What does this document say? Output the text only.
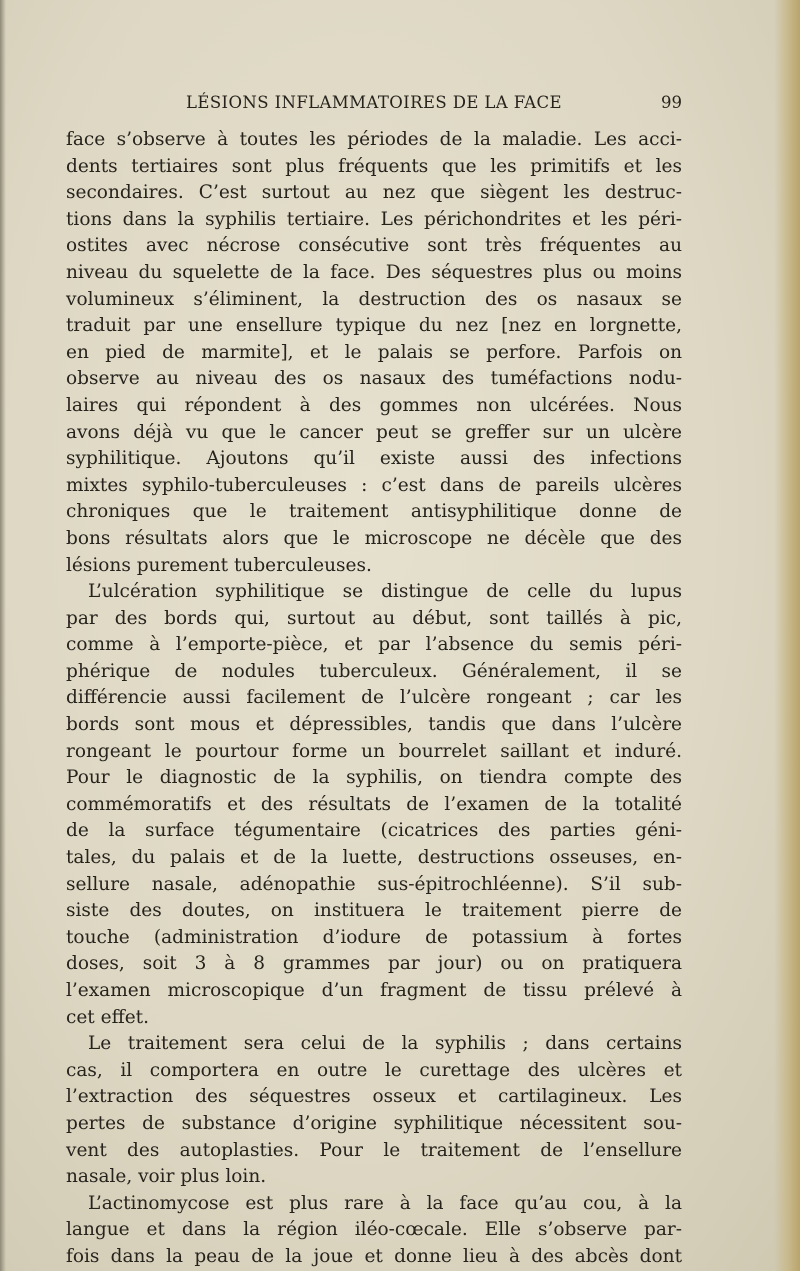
LÉSIONS INFLAMMATOIRES DE LA FACE	99
face s’observe à toutes les périodes de la maladie. Les acci-
dents tertiaires sont plus fréquents que les primitifs et les
secondaires. C’est surtout au nez que siègent les destruc-
tions dans la syphilis tertiaire. Les périchondrites et les péri-
ostites avec nécrose consécutive sont très fréquentes au
niveau du squelette de la face. Des séquestres plus ou moins
volumineux s’éliminent, la destruction des os nasaux se
traduit par une ensellure typique du nez [nez en lorgnette,
en pied de marmite], et le palais se perfore. Parfois on
observe au niveau des os nasaux des tuméfactions nodu-
laires qui répondent à des gommes non ulcérées. Nous
avons déjà vu que le cancer peut se greffer sur un ulcère
syphilitique. Ajoutons qu’il existe aussi des infections
mixtes syphilo-tuberculeuses : c’est dans de pareils ulcères
chroniques que le traitement antisyphilitique donne de
bons résultats alors que le microscope ne décèle que des
lésions purement tuberculeuses.
L’ulcération syphilitique se distingue de celle du lupus
par des bords qui, surtout au début, sont taillés à pic,
comme à l’emporte-pièce, et par l’absence du semis péri-
phérique de nodules tuberculeux. Généralement, il se
différencie aussi facilement de l’ulcère rongeant ; car les
bords sont mous et dépressibles, tandis que dans l’ulcère
rongeant le pourtour forme un bourrelet saillant et induré.
Pour le diagnostic de la syphilis, on tiendra compte des
commémoratifs et des résultats de l’examen de la totalité
de la surface tégumentaire (cicatrices des parties géni-
tales, du palais et de la luette, destructions osseuses, en-
sellure nasale, adénopathie sus-épitrochléenne). S’il sub-
siste des doutes, on instituera le traitement pierre de
touche (administration d’iodure de potassium à fortes
doses, soit 3 à 8 grammes par jour) ou on pratiquera
l’examen microscopique d’un fragment de tissu prélevé à
cet effet.
Le traitement sera celui de la syphilis ; dans certains
cas, il comportera en outre le curettage des ulcères et
l’extraction des séquestres osseux et cartilagineux. Les
pertes de substance d’origine syphilitique nécessitent sou-
vent des autoplasties. Pour le traitement de l’ensellure
nasale, voir plus loin.
L’actinomycose est plus rare à la face qu’au cou, à la
langue et dans la région iléo-cœcale. Elle s’observe par-
fois dans la peau de la joue et donne lieu à des abcès dont
